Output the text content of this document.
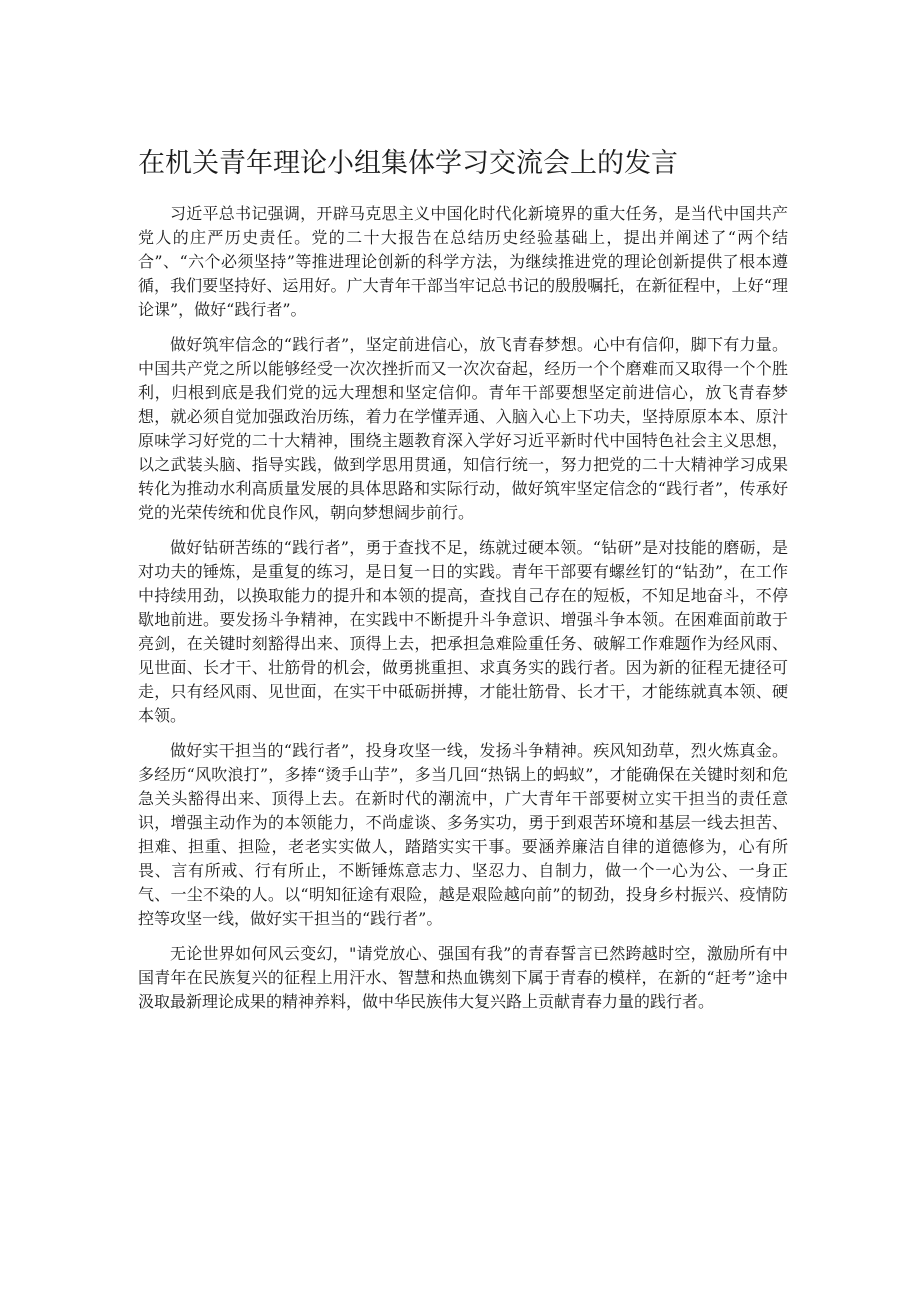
在机关青年理论小组集体学习交流会上的发言

习近平总书记强调，开辟马克思主义中国化时代化新境界的重大任务，是当代中国共产党人的庄严历史责任。党的二十大报告在总结历史经验基础上，提出并阐述了“两个结合”、“六个必须坚持”等推进理论创新的科学方法，为继续推进党的理论创新提供了根本遵循，我们要坚持好、运用好。广大青年干部当牢记总书记的殷殷嘱托，在新征程中，上好“理论课”，做好“践行者”。

做好筑牢信念的“践行者”，坚定前进信心，放飞青春梦想。心中有信仰，脚下有力量。中国共产党之所以能够经受一次次挫折而又一次次奋起，经历一个个磨难而又取得一个个胜利，归根到底是我们党的远大理想和坚定信仰。青年干部要想坚定前进信心，放飞青春梦想，就必须自觉加强政治历练，着力在学懂弄通、入脑入心上下功夫，坚持原原本本、原汁原味学习好党的二十大精神，围绕主题教育深入学好习近平新时代中国特色社会主义思想，以之武装头脑、指导实践，做到学思用贯通，知信行统一，努力把党的二十大精神学习成果转化为推动水利高质量发展的具体思路和实际行动，做好筑牢坚定信念的“践行者”，传承好党的光荣传统和优良作风，朝向梦想阔步前行。

做好钻研苦练的“践行者”，勇于查找不足，练就过硬本领。“钻研”是对技能的磨砺，是对功夫的锤炼，是重复的练习，是日复一日的实践。青年干部要有螺丝钉的“钻劲”，在工作中持续用劲，以换取能力的提升和本领的提高，查找自己存在的短板，不知足地奋斗，不停歇地前进。要发扬斗争精神，在实践中不断提升斗争意识、增强斗争本领。在困难面前敢于亮剑，在关键时刻豁得出来、顶得上去，把承担急难险重任务、破解工作难题作为经风雨、见世面、长才干、壮筋骨的机会，做勇挑重担、求真务实的践行者。因为新的征程无捷径可走，只有经风雨、见世面，在实干中砥砺拼搏，才能壮筋骨、长才干，才能练就真本领、硬本领。

做好实干担当的“践行者”，投身攻坚一线，发扬斗争精神。疾风知劲草，烈火炼真金。多经历“风吹浪打”，多捧“烫手山芋”，多当几回“热锅上的蚂蚁”，才能确保在关键时刻和危急关头豁得出来、顶得上去。在新时代的潮流中，广大青年干部要树立实干担当的责任意识，增强主动作为的本领能力，不尚虚谈、多务实功，勇于到艰苦环境和基层一线去担苦、担难、担重、担险，老老实实做人，踏踏实实干事。要涵养廉洁自律的道德修为，心有所畏、言有所戒、行有所止，不断锤炼意志力、坚忍力、自制力，做一个一心为公、一身正气、一尘不染的人。以“明知征途有艰险，越是艰险越向前”的韧劲，投身乡村振兴、疫情防控等攻坚一线，做好实干担当的“践行者”。

无论世界如何风云变幻，"请党放心、强国有我”的青春誓言已然跨越时空，激励所有中国青年在民族复兴的征程上用汗水、智慧和热血镌刻下属于青春的模样，在新的“赶考”途中汲取最新理论成果的精神养料，做中华民族伟大复兴路上贡献青春力量的践行者。
